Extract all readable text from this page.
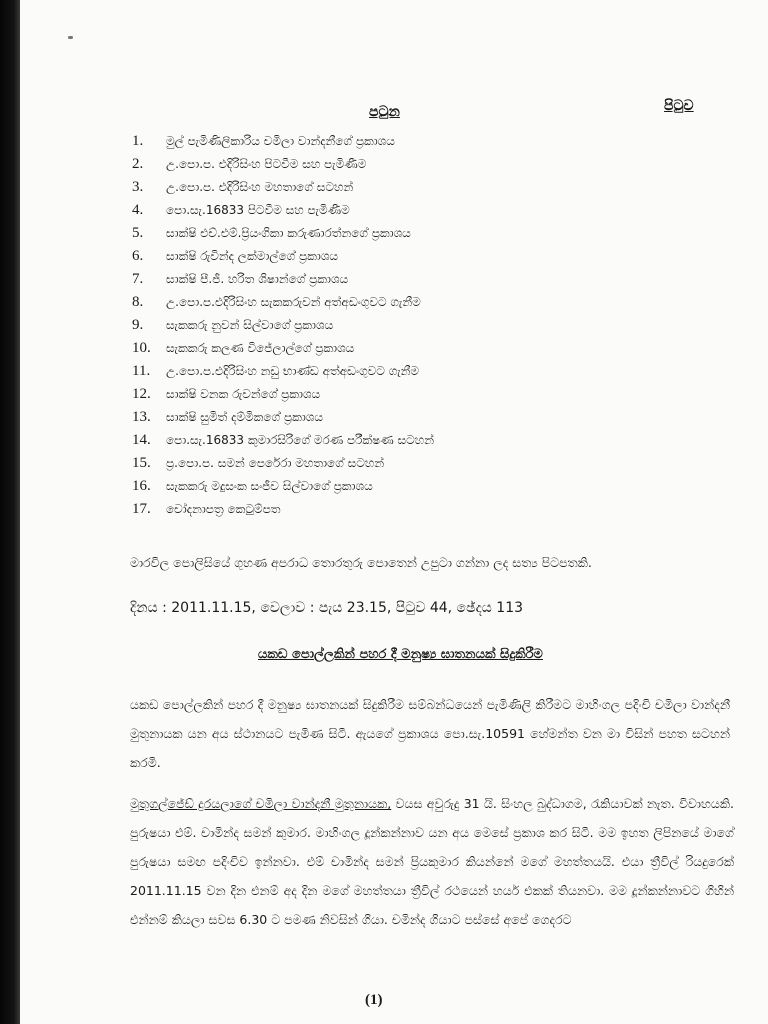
පටුන	පිටුව
1.	මුල් පැමිණිලිකාරිය චමිලා වාන්දනීගේ ප්‍රකාශය
2.	උ.පො.ප. එදිරිසිංහ පිටවීම සහ පැමිණීම
3.	උ.පො.ප. එදිරිසිංහ මහතාගේ සටහන්
4.	පො.සැ.16833 පිටවීම සහ පැමිණීම
5.	සාක්ෂි එච්.එම්.ප්‍රියංගිකා කරුණාරත්නගේ ප්‍රකාශය
6.	සාක්ෂි රුවින්ද ලක්මාල්ගේ ප්‍රකාශය
7.	සාක්ෂි පී.ජී. හරිත ශිෂාන්ගේ ප්‍රකාශය
8.	උ.පො.ප.එදිරිසිංහ සැකකරුවන් අත්අඩංගුවට ගැනීම
9.	සැකකරු නුවන් සිල්වාගේ ප්‍රකාශය
10.	සැකකරු කලණ විජේලාල්ගේ ප්‍රකාශය
11.	උ.පො.ප.එදිරිසිංහ නඩු භාණ්ඩ අත්අඩංගුවට ගැනීම
12.	සාක්ෂි වනක රුවන්ගේ ප්‍රකාශය
13.	සාක්ෂි සුමිත් දම්මිකගේ ප්‍රකාශය
14.	පො.සැ.16833 කුමාරසිරිගේ මරණ පරීක්ෂණ සටහන්
15.	ප්‍ර.පො.ප. සමන් පෙරේරා මහතාගේ සටහන්
16.	සැකකරු මදුසංක සංජීව සිල්වාගේ ප්‍රකාශය
17.	චෝදනාපත්‍ර කෙටුම්පත

මාරවිල පොලිසියේ ගුහණ අපරාධ තොරතුරු පොතෙන් උපුටා ගන්නා ලද සත්‍ය පිටපතකි.

දිනය : 2011.11.15, වෙලාව : පැය 23.15, පිටුව 44, ඡේදය 113

යකඩ පොල්ලකින් පහර දී මනුෂ්‍ය ඝාතනයක් සිදුකිරීම

යකඩ පොල්ලකින් පහර දී මනුෂ්‍ය ඝාතනයක් සිදුකිරීම සම්බන්ධයෙන් පැමිණිලි කිරීමට මාහිංගල පදිංචි චමිලා වාන්දනී මුතුනායක යන අය ස්ථානයට පැමිණ සිටී. ඇයගේ ප්‍රකාශය පො.සැ.10591 හේමන්ත වන මා විසින් පහත සටහන් කරමි.

මුතුගල්ජේඩ් දුරයලාගේ චමිලා වාන්දනී මුතුනායක, වයස අවුරුදු 31 යි. සිංහල බුද්ධාගම, රැකියාවක් නැත. විවාහයකි. පුරුෂයා එම්. චාමින්ද සමන් කුමාර. මාහිංගල දූන්කන්නාව යන අය මෙසේ ප්‍රකාශ කර සිටී. මම ඉහත ලිපිනයේ මාගේ පුරුෂයා සමඟ පදිංචිව ඉන්නවා. එම් චාමින්ද සමන් ප්‍රියකුමාර කියන්නේ මගේ මහත්තයයි. එයා ත්‍රීවිල් රියදුරෙක් 2011.11.15 වන දින එනම් අද දින මගේ මහත්තයා ත්‍රීවිල් රථයෙන් හයර් එකක් තියනවා. මම දූන්කන්නාවට ගිහින් එන්නම් කියලා සවස 6.30 ට පමණ නිවසින් ගියා. චමින්ද ගියාට පස්සේ අපේ ගෙදරට

(1)
